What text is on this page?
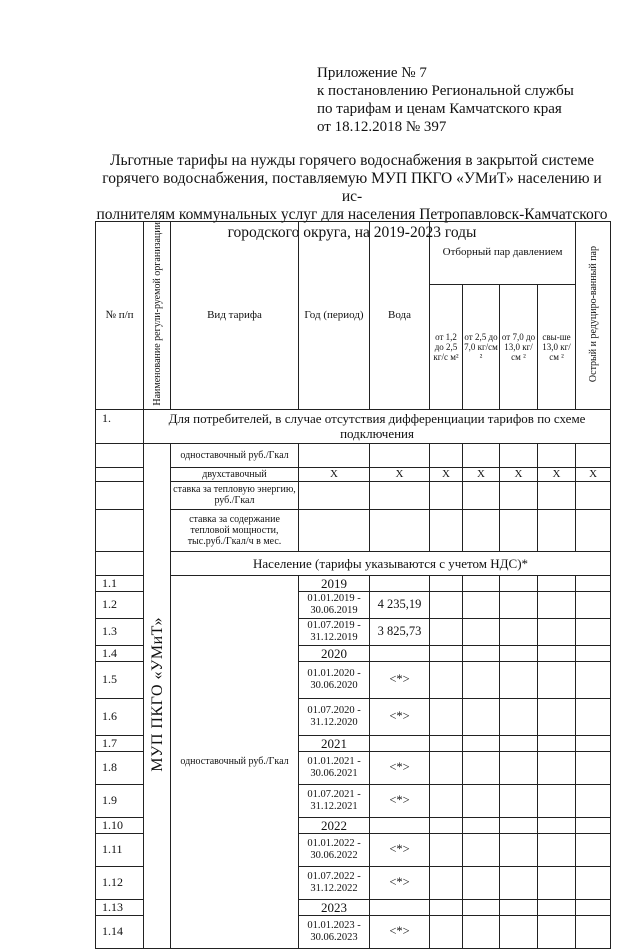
Приложение № 7
к постановлению Региональной службы
по тарифам и ценам Камчатского края
от 18.12.2018 № 397
Льготные тарифы на нужды горячего водоснабжения в закрытой системе
горячего водоснабжения, поставляемую МУП ПКГО «УМиТ» населению и ис-
полнителям коммунальных услуг для населения Петропавловск-Камчатского
городского округа, на 2019-2023 годы
№ п/п	Наименование регули-руемой организации	Вид тарифа	Год (период)	Вода	Отборный пар давлением				Острый и редуциро-ванный пар
					от 1,2 до 2,5 кг/с м²	от 2,5 до 7,0 кг/см ²	от 7,0 до 13,0 кг/см ²	свы-ше 13,0 кг/см ²	
1.	Для потребителей, в случае отсутствия дифференциации тарифов по схеме подключения								
	МУП ПКГО «УМиТ»	одноставочный руб./Гкал							
		двухставочный	X	X	X	X	X	X	X
		ставка за тепловую энергию, руб./Гкал							
		ставка за содержание тепловой мощности, тыс.руб./Гкал/ч в мес.							
		Население (тарифы указываются с учетом НДС)*							
1.1		одноставочный руб./Гкал	2019						
1.2			01.01.2019 - 30.06.2019	4 235,19					
1.3			01.07.2019 - 31.12.2019	3 825,73					
1.4			2020						
1.5			01.01.2020 - 30.06.2020	<*>					
1.6			01.07.2020 - 31.12.2020	<*>					
1.7			2021						
1.8			01.01.2021 - 30.06.2021	<*>					
1.9			01.07.2021 - 31.12.2021	<*>					
1.10			2022						
1.11			01.01.2022 - 30.06.2022	<*>					
1.12			01.07.2022 - 31.12.2022	<*>					
1.13			2023						
1.14			01.01.2023 - 30.06.2023	<*>					
